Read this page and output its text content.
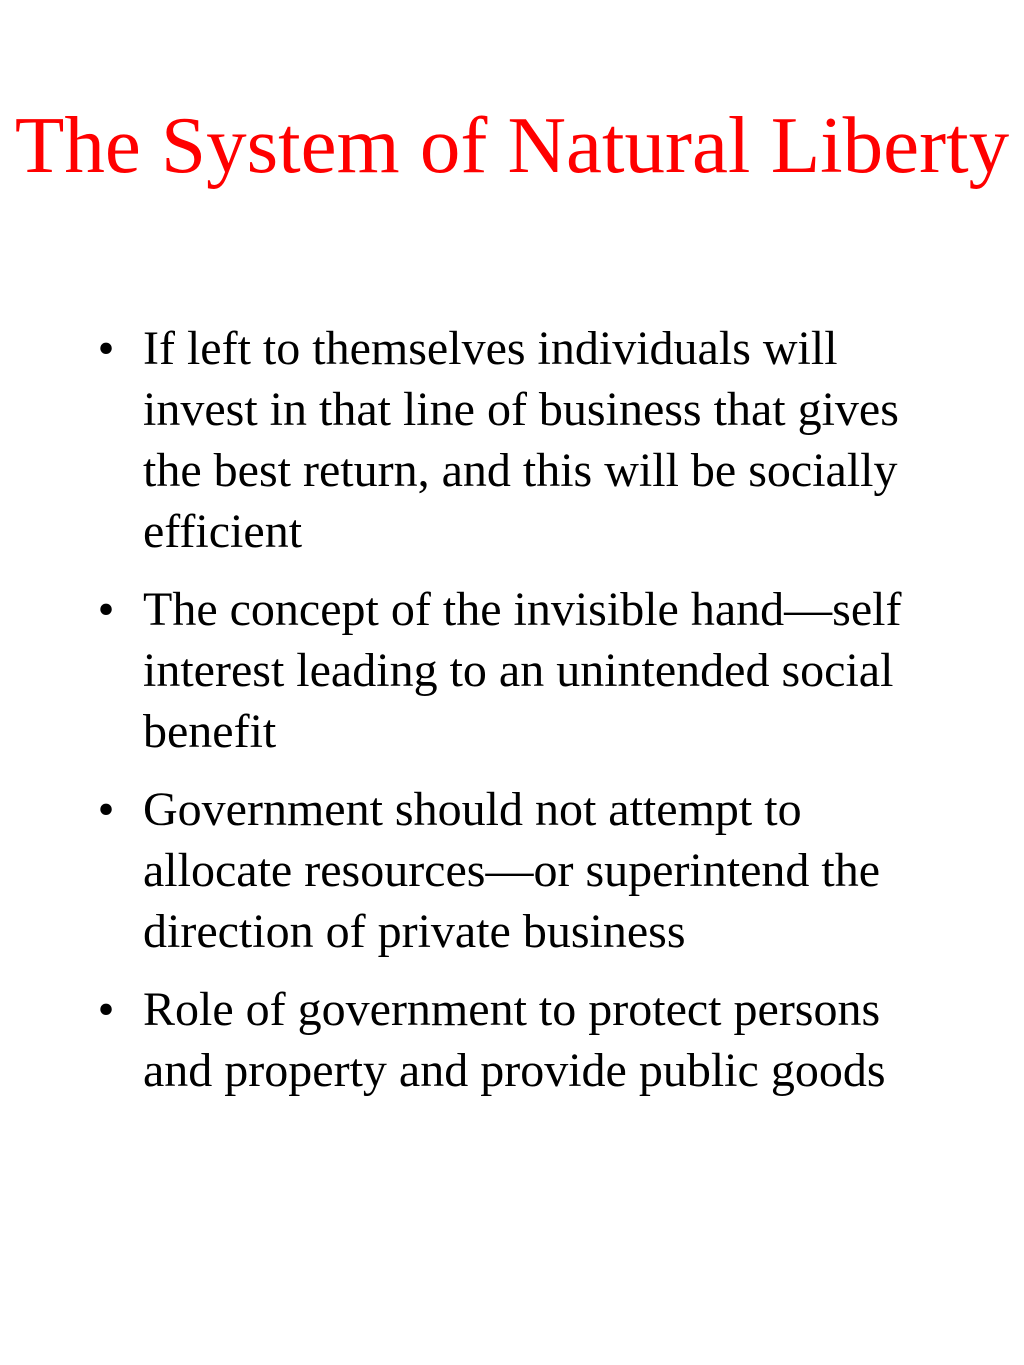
The System of Natural Liberty
• If left to themselves individuals will invest in that line of business that gives the best return, and this will be socially efficient
• The concept of the invisible hand—self interest leading to an unintended social benefit
• Government should not attempt to allocate resources—or superintend the direction of private business
• Role of government to protect persons and property and provide public goods
